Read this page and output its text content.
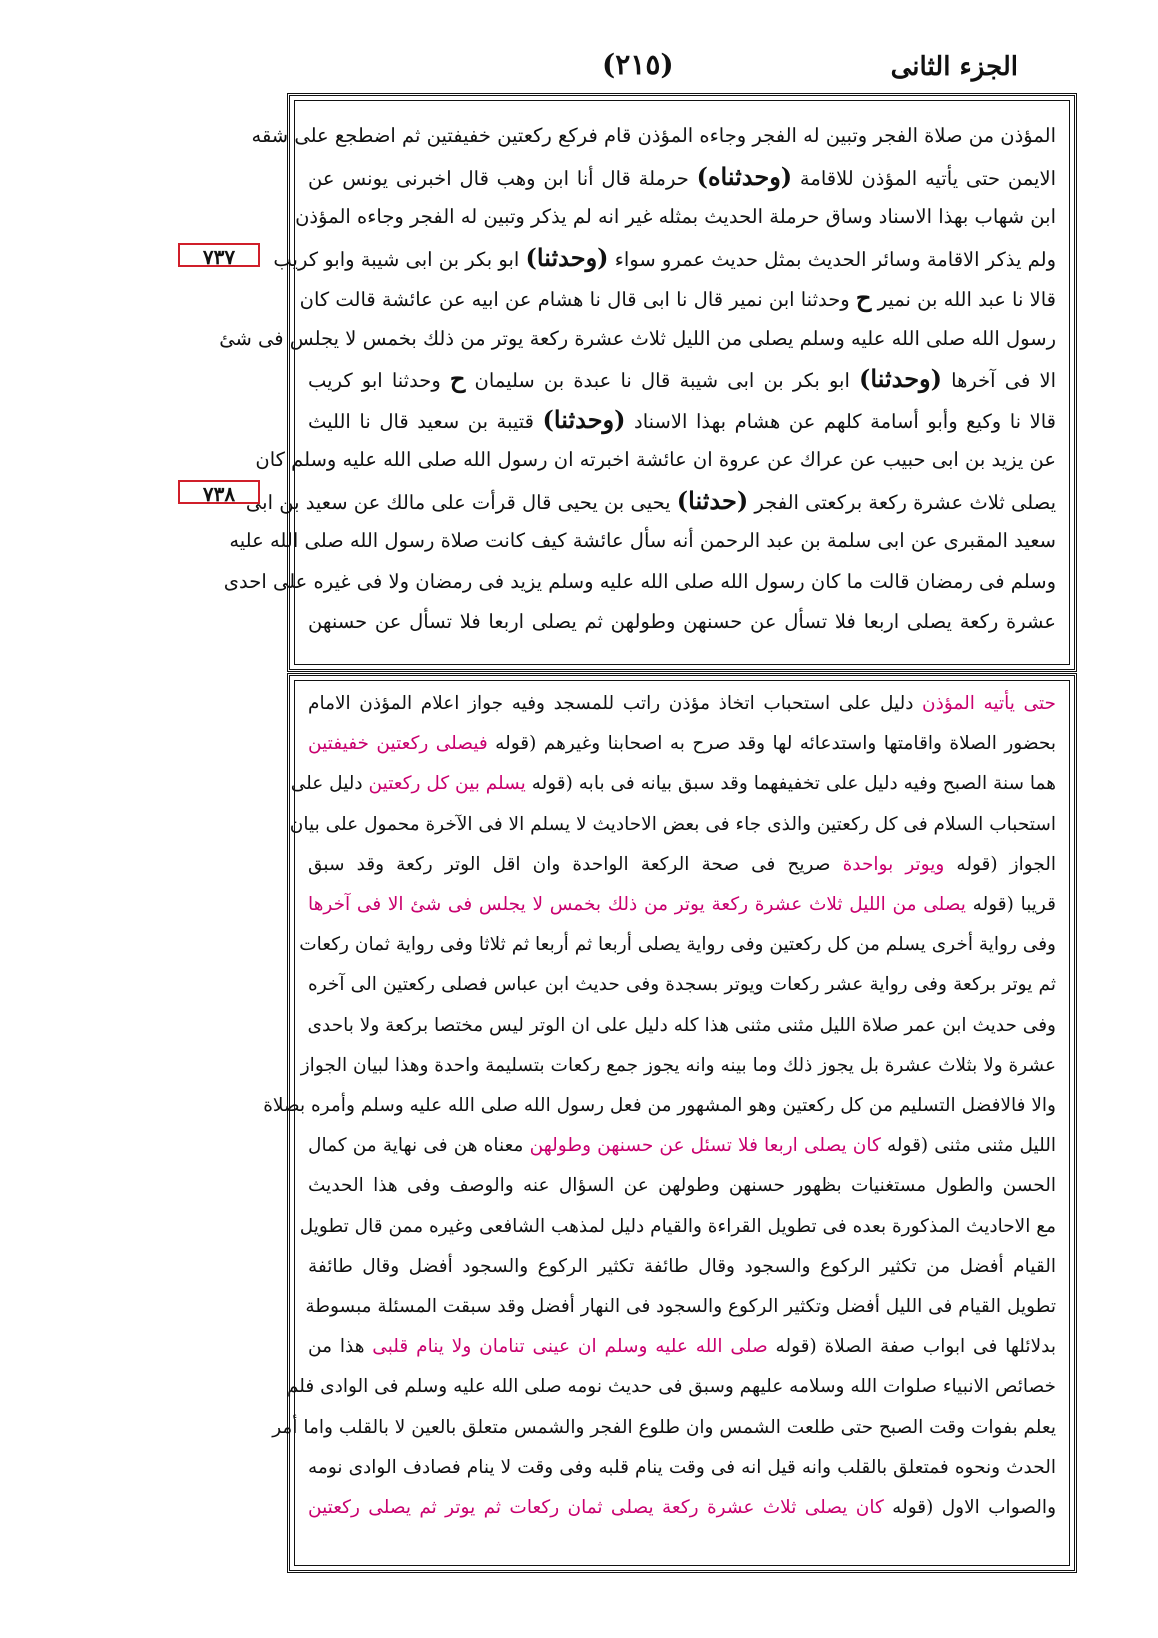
الجزء الثانى
(٢١٥)
٧٣٧
٧٣٨
المؤذن من صلاة الفجر وتبين له الفجر وجاءه المؤذن قام فركع ركعتين خفيفتين ثم اضطجع على شقه
الايمن حتى يأتيه المؤذن للاقامة (وحدثناه) حرملة قال أنا ابن وهب قال اخبرنى يونس عن
ابن شهاب بهذا الاسناد وساق حرملة الحديث بمثله غير انه لم يذكر وتبين له الفجر وجاءه المؤذن
ولم يذكر الاقامة وسائر الحديث بمثل حديث عمرو سواء (وحدثنا) ابو بكر بن ابى شيبة وابو كريب
قالا نا عبد الله بن نمير ح وحدثنا ابن نمير قال نا ابى قال نا هشام عن ابيه عن عائشة قالت كان
رسول الله صلى الله عليه وسلم يصلى من الليل ثلاث عشرة ركعة يوتر من ذلك بخمس لا يجلس فى شئ
الا فى آخرها (وحدثنا) ابو بكر بن ابى شيبة قال نا عبدة بن سليمان ح وحدثنا ابو كريب
قالا نا وكيع وأبو أسامة كلهم عن هشام بهذا الاسناد (وحدثنا) قتيبة بن سعيد قال نا الليث
عن يزيد بن ابى حبيب عن عراك عن عروة ان عائشة اخبرته ان رسول الله صلى الله عليه وسلم كان
يصلى ثلاث عشرة ركعة بركعتى الفجر (حدثنا) يحيى بن يحيى قال قرأت على مالك عن سعيد بن ابى
سعيد المقبرى عن ابى سلمة بن عبد الرحمن أنه سأل عائشة كيف كانت صلاة رسول الله صلى الله عليه
وسلم فى رمضان قالت ما كان رسول الله صلى الله عليه وسلم يزيد فى رمضان ولا فى غيره على احدى
عشرة ركعة يصلى اربعا فلا تسأل عن حسنهن وطولهن ثم يصلى اربعا فلا تسأل عن حسنهن
حتى يأتيه المؤذن دليل على استحباب اتخاذ مؤذن راتب للمسجد وفيه جواز اعلام المؤذن الامام
بحضور الصلاة واقامتها واستدعائه لها وقد صرح به اصحابنا وغيرهم (قوله فيصلى ركعتين خفيفتين
هما سنة الصبح وفيه دليل على تخفيفهما وقد سبق بيانه فى بابه (قوله يسلم بين كل ركعتين دليل على
استحباب السلام فى كل ركعتين والذى جاء فى بعض الاحاديث لا يسلم الا فى الآخرة محمول على بيان
الجواز (قوله ويوتر بواحدة صريح فى صحة الركعة الواحدة وان اقل الوتر ركعة وقد سبق
قريبا (قوله يصلى من الليل ثلاث عشرة ركعة يوتر من ذلك بخمس لا يجلس فى شئ الا فى آخرها
وفى رواية أخرى يسلم من كل ركعتين وفى رواية يصلى أربعا ثم أربعا ثم ثلاثا وفى رواية ثمان ركعات
ثم يوتر بركعة وفى رواية عشر ركعات ويوتر بسجدة وفى حديث ابن عباس فصلى ركعتين الى آخره
وفى حديث ابن عمر صلاة الليل مثنى مثنى هذا كله دليل على ان الوتر ليس مختصا بركعة ولا باحدى
عشرة ولا بثلاث عشرة بل يجوز ذلك وما بينه وانه يجوز جمع ركعات بتسليمة واحدة وهذا لبيان الجواز
والا فالافضل التسليم من كل ركعتين وهو المشهور من فعل رسول الله صلى الله عليه وسلم وأمره بصلاة
الليل مثنى مثنى (قوله كان يصلى اربعا فلا تسئل عن حسنهن وطولهن معناه هن فى نهاية من كمال
الحسن والطول مستغنيات بظهور حسنهن وطولهن عن السؤال عنه والوصف وفى هذا الحديث
مع الاحاديث المذكورة بعده فى تطويل القراءة والقيام دليل لمذهب الشافعى وغيره ممن قال تطويل
القيام أفضل من تكثير الركوع والسجود وقال طائفة تكثير الركوع والسجود أفضل وقال طائفة
تطويل القيام فى الليل أفضل وتكثير الركوع والسجود فى النهار أفضل وقد سبقت المسئلة مبسوطة
بدلائلها فى ابواب صفة الصلاة (قوله صلى الله عليه وسلم ان عينى تنامان ولا ينام قلبى هذا من
خصائص الانبياء صلوات الله وسلامه عليهم وسبق فى حديث نومه صلى الله عليه وسلم فى الوادى فلم
يعلم بفوات وقت الصبح حتى طلعت الشمس وان طلوع الفجر والشمس متعلق بالعين لا بالقلب واما أمر
الحدث ونحوه فمتعلق بالقلب وانه قيل انه فى وقت ينام قلبه وفى وقت لا ينام فصادف الوادى نومه
والصواب الاول (قوله كان يصلى ثلاث عشرة ركعة يصلى ثمان ركعات ثم يوتر ثم يصلى ركعتين
